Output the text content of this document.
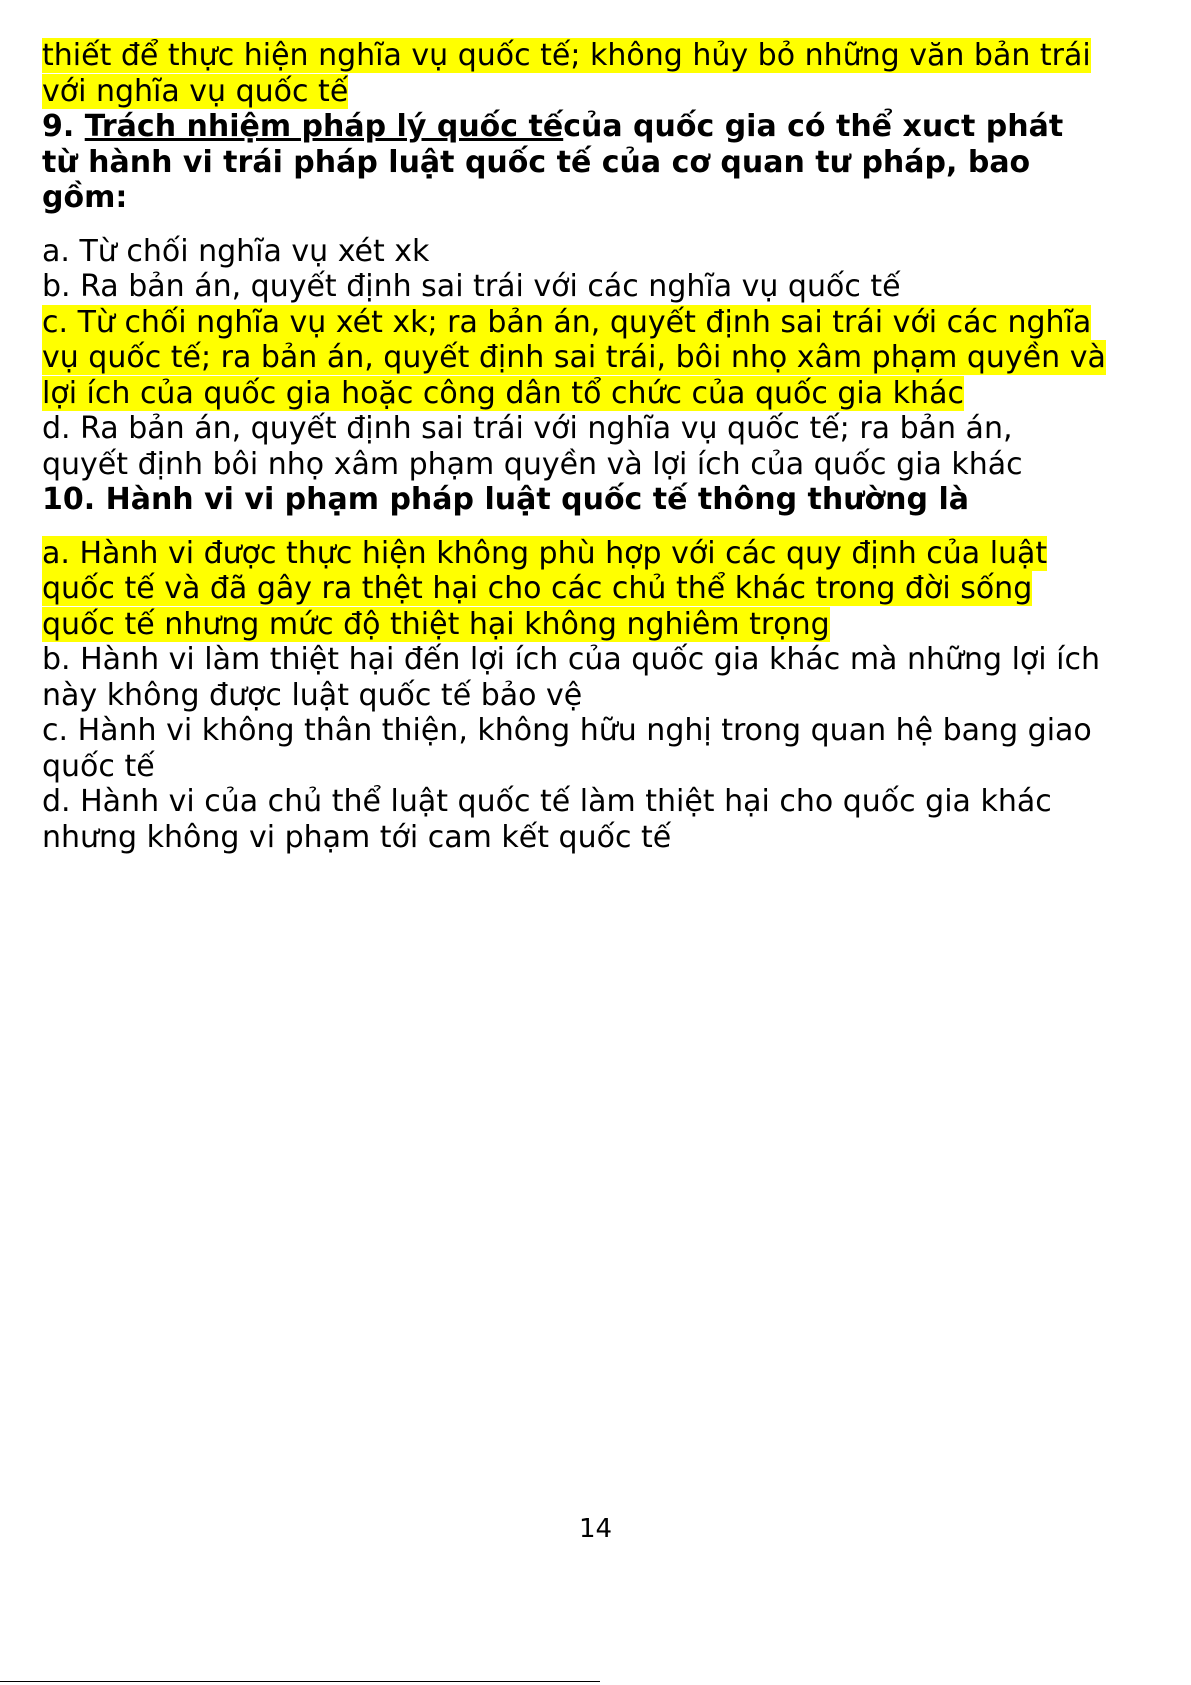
thiết để thực hiện nghĩa vụ quốc tế; không hủy bỏ những văn bản trái
với nghĩa vụ quốc tế
9. Trách nhiệm pháp lý quốc tếcủa quốc gia có thể xuct phát
từ hành vi trái pháp luật quốc tế của cơ quan tư pháp, bao
gồm:
a. Từ chối nghĩa vụ xét xk
b. Ra bản án, quyết định sai trái với các nghĩa vụ quốc tế
c. Từ chối nghĩa vụ xét xk; ra bản án, quyết định sai trái với các nghĩa
vụ quốc tế; ra bản án, quyết định sai trái, bôi nhọ xâm phạm quyền và
lợi ích của quốc gia hoặc công dân tổ chức của quốc gia khác
d. Ra bản án, quyết định sai trái với nghĩa vụ quốc tế; ra bản án,
quyết định bôi nhọ xâm phạm quyền và lợi ích của quốc gia khác
10. Hành vi vi phạm pháp luật quốc tế thông thường là
a. Hành vi được thực hiện không phù hợp với các quy định của luật
quốc tế và đã gây ra thệt hại cho các chủ thể khác trong đời sống
quốc tế nhưng mức độ thiệt hại không nghiêm trọng
b. Hành vi làm thiệt hại đến lợi ích của quốc gia khác mà những lợi ích
này không được luật quốc tế bảo vệ
c. Hành vi không thân thiện, không hữu nghị trong quan hệ bang giao
quốc tế
d. Hành vi của chủ thể luật quốc tế làm thiệt hại cho quốc gia khác
nhưng không vi phạm tới cam kết quốc tế
14
